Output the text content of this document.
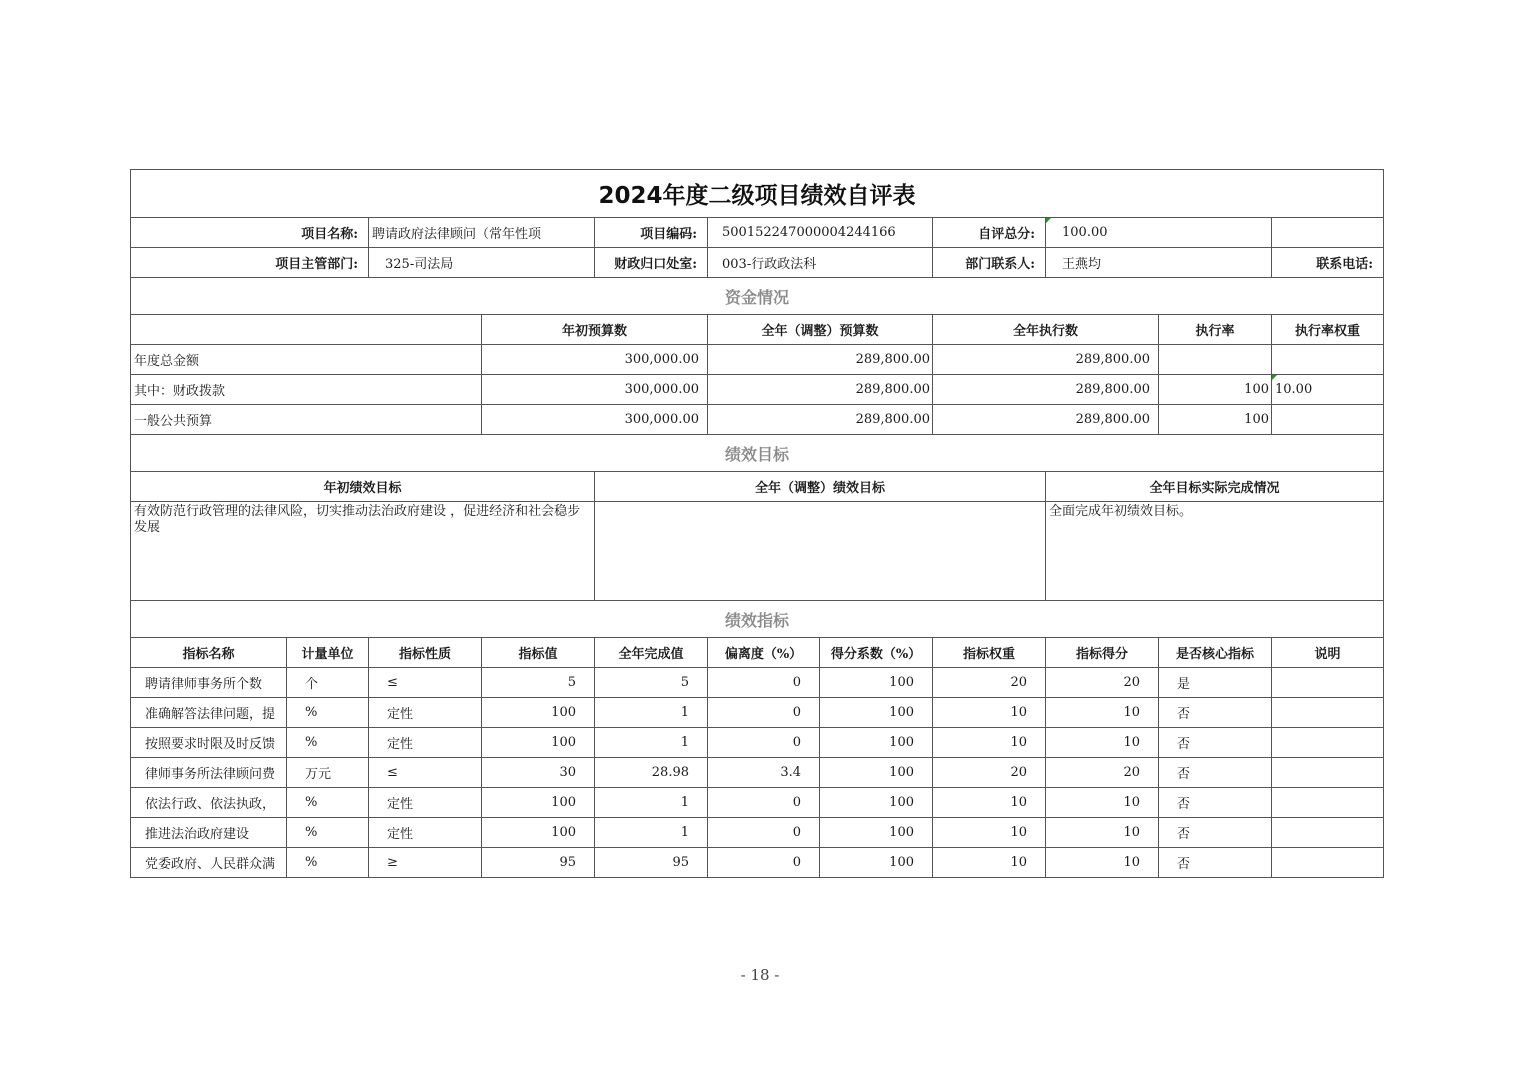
2024年度二级项目绩效自评表											
项目名称:		聘请政府法律顾问（常年性项		项目编码:	500152247000004244166		自评总分:	100.00			
项目主管部门:		325-司法局		财政归口处室:	003-行政政法科		部门联系人:	王燕均		联系电话:	
资金情况											
			年初预算数		全年（调整）预算数		全年执行数		执行率	执行率权重	
年度总金额			300,000.00		289,800.00		289,800.00				
其中：财政拨款			300,000.00		289,800.00		289,800.00		100	10.00	
一般公共预算			300,000.00		289,800.00		289,800.00		100		
绩效目标											
年初绩效目标				全年（调整）绩效目标				全年目标实际完成情况			
有效防范行政管理的法律风险，切实推动法治政府建设 ，促进经济和社会稳步发展								全面完成年初绩效目标。			
绩效指标											
指标名称	计量单位	指标性质	指标值	全年完成值	偏离度（%）	得分系数（%）	指标权重	指标得分	是否核心指标	说明	
聘请律师事务所个数	个	≤	5	5	0	100	20	20	是		
准确解答法律问题，提	%	定性	100	1	0	100	10	10	否		
按照要求时限及时反馈	%	定性	100	1	0	100	10	10	否		
律师事务所法律顾问费	万元	≤	30	28.98	3.4	100	20	20	否		
依法行政、依法执政，	%	定性	100	1	0	100	10	10	否		
推进法治政府建设	%	定性	100	1	0	100	10	10	否		
党委政府、人民群众满	%	≥	95	95	0	100	10	10	否		
- 18 -
